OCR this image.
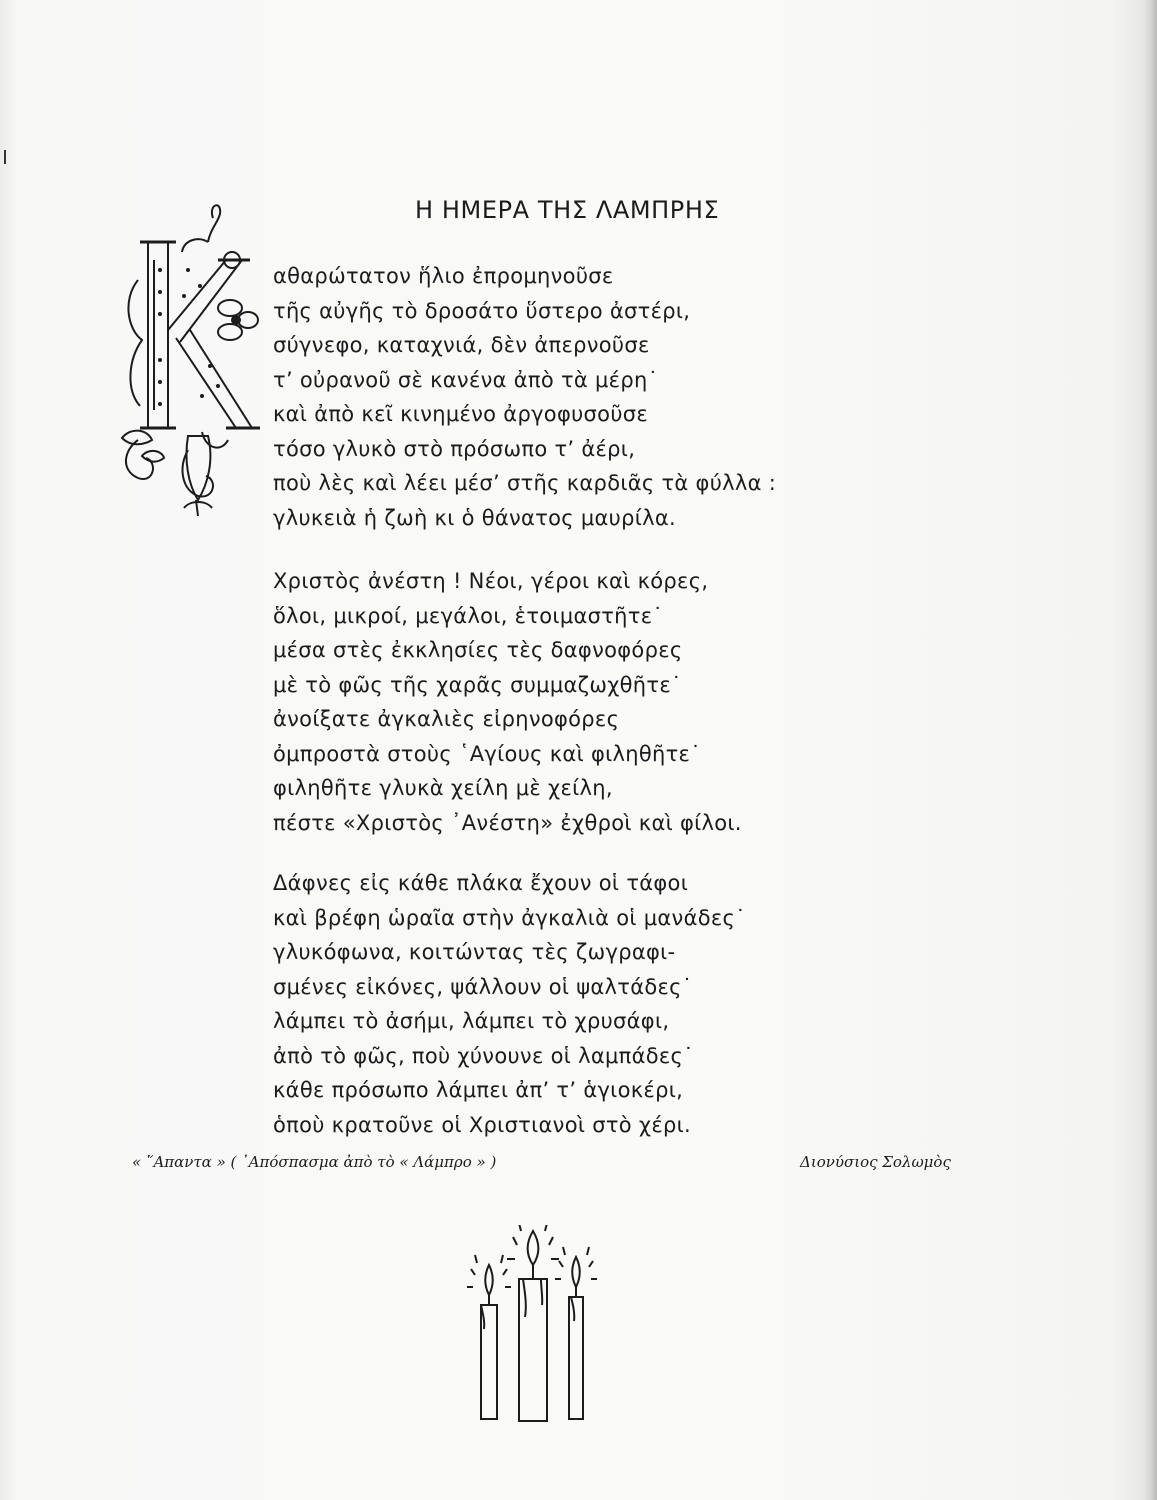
Η ΗΜΕΡΑ ΤΗΣ ΛΑΜΠΡΗΣ
αθαρώτατον ἥλιο ἐπρομηνοῦσε
τῆς αὐγῆς τὸ δροσάτο ὕστερο ἀστέρι,
σύγνεφο, καταχνιά, δὲν ἀπερνοῦσε
τ’ οὐρανοῦ σὲ κανένα ἀπὸ τὰ μέρη˙
καὶ ἀπὸ κεῖ κινημένο ἀργοφυσοῦσε
τόσο γλυκὸ στὸ πρόσωπο τ’ ἀέρι,
ποὺ λὲς καὶ λέει μέσ’ στῆς καρδιᾶς τὰ φύλλα :
γλυκειὰ ἡ ζωὴ κι ὁ θάνατος μαυρίλα.
Χριστὸς ἀνέστη ! Νέοι, γέροι καὶ κόρες,
ὅλοι, μικροί, μεγάλοι, ἑτοιμαστῆτε˙
μέσα στὲς ἐκκλησίες τὲς δαφνοφόρες
μὲ τὸ φῶς τῆς χαρᾶς συμμαζωχθῆτε˙
ἀνοίξατε ἀγκαλιὲς εἰρηνοφόρες
ὀμπροστὰ στοὺς ῾Αγίους καὶ φιληθῆτε˙
φιληθῆτε γλυκὰ χείλη μὲ χείλη,
πέστε «Χριστὸς ᾿Ανέστη» ἐχθροὶ καὶ φίλοι.
Δάφνες εἰς κάθε πλάκα ἔχουν οἱ τάφοι
καὶ βρέφη ὡραῖα στὴν ἀγκαλιὰ οἱ μανάδες˙
γλυκόφωνα, κοιτώντας τὲς ζωγραφι-
σμένες εἰκόνες, ψάλλουν οἱ ψαλτάδες˙
λάμπει τὸ ἀσήμι, λάμπει τὸ χρυσάφι,
ἀπὸ τὸ φῶς, ποὺ χύνουνε οἱ λαμπάδες˙
κάθε πρόσωπο λάμπει ἀπ’ τ’ ἁγιοκέρι,
ὁποὺ κρατοῦνε οἱ Χριστιανοὶ στὸ χέρι.
« ῞Απαντα » ( ᾿Απόσπασμα ἀπὸ τὸ « Λάμπρο » )	Διονύσιος Σολωμὸς
